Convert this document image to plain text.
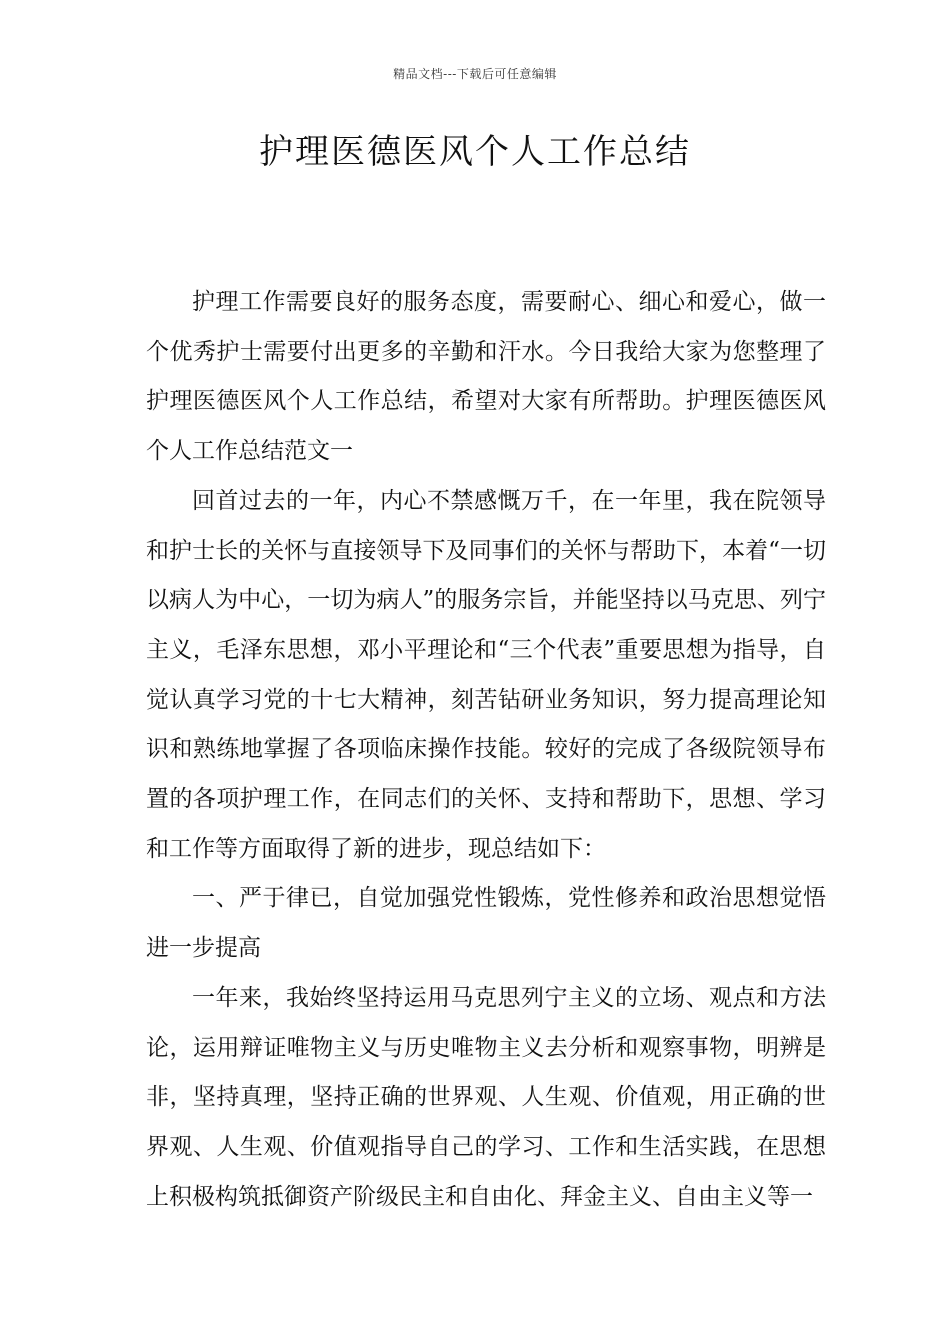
精品文档---下载后可任意编辑
护理医德医风个人工作总结

护理工作需要良好的服务态度，需要耐心、细心和爱心，做一个优秀护士需要付出更多的辛勤和汗水。今日我给大家为您整理了护理医德医风个人工作总结，希望对大家有所帮助。护理医德医风个人工作总结范文一

回首过去的一年，内心不禁感慨万千，在一年里，我在院领导和护士长的关怀与直接领导下及同事们的关怀与帮助下，本着“一切以病人为中心，一切为病人”的服务宗旨，并能坚持以马克思、列宁主义，毛泽东思想，邓小平理论和“三个代表”重要思想为指导，自觉认真学习党的十七大精神，刻苦钻研业务知识，努力提高理论知识和熟练地掌握了各项临床操作技能。较好的完成了各级院领导布置的各项护理工作，在同志们的关怀、支持和帮助下，思想、学习和工作等方面取得了新的进步，现总结如下：

一、严于律已，自觉加强党性锻炼，党性修养和政治思想觉悟进一步提高

一年来，我始终坚持运用马克思列宁主义的立场、观点和方法论，运用辩证唯物主义与历史唯物主义去分析和观察事物，明辨是非，坚持真理，坚持正确的世界观、人生观、价值观，用正确的世界观、人生观、价值观指导自己的学习、工作和生活实践，在思想上积极构筑抵御资产阶级民主和自由化、拜金主义、自由主义等一
